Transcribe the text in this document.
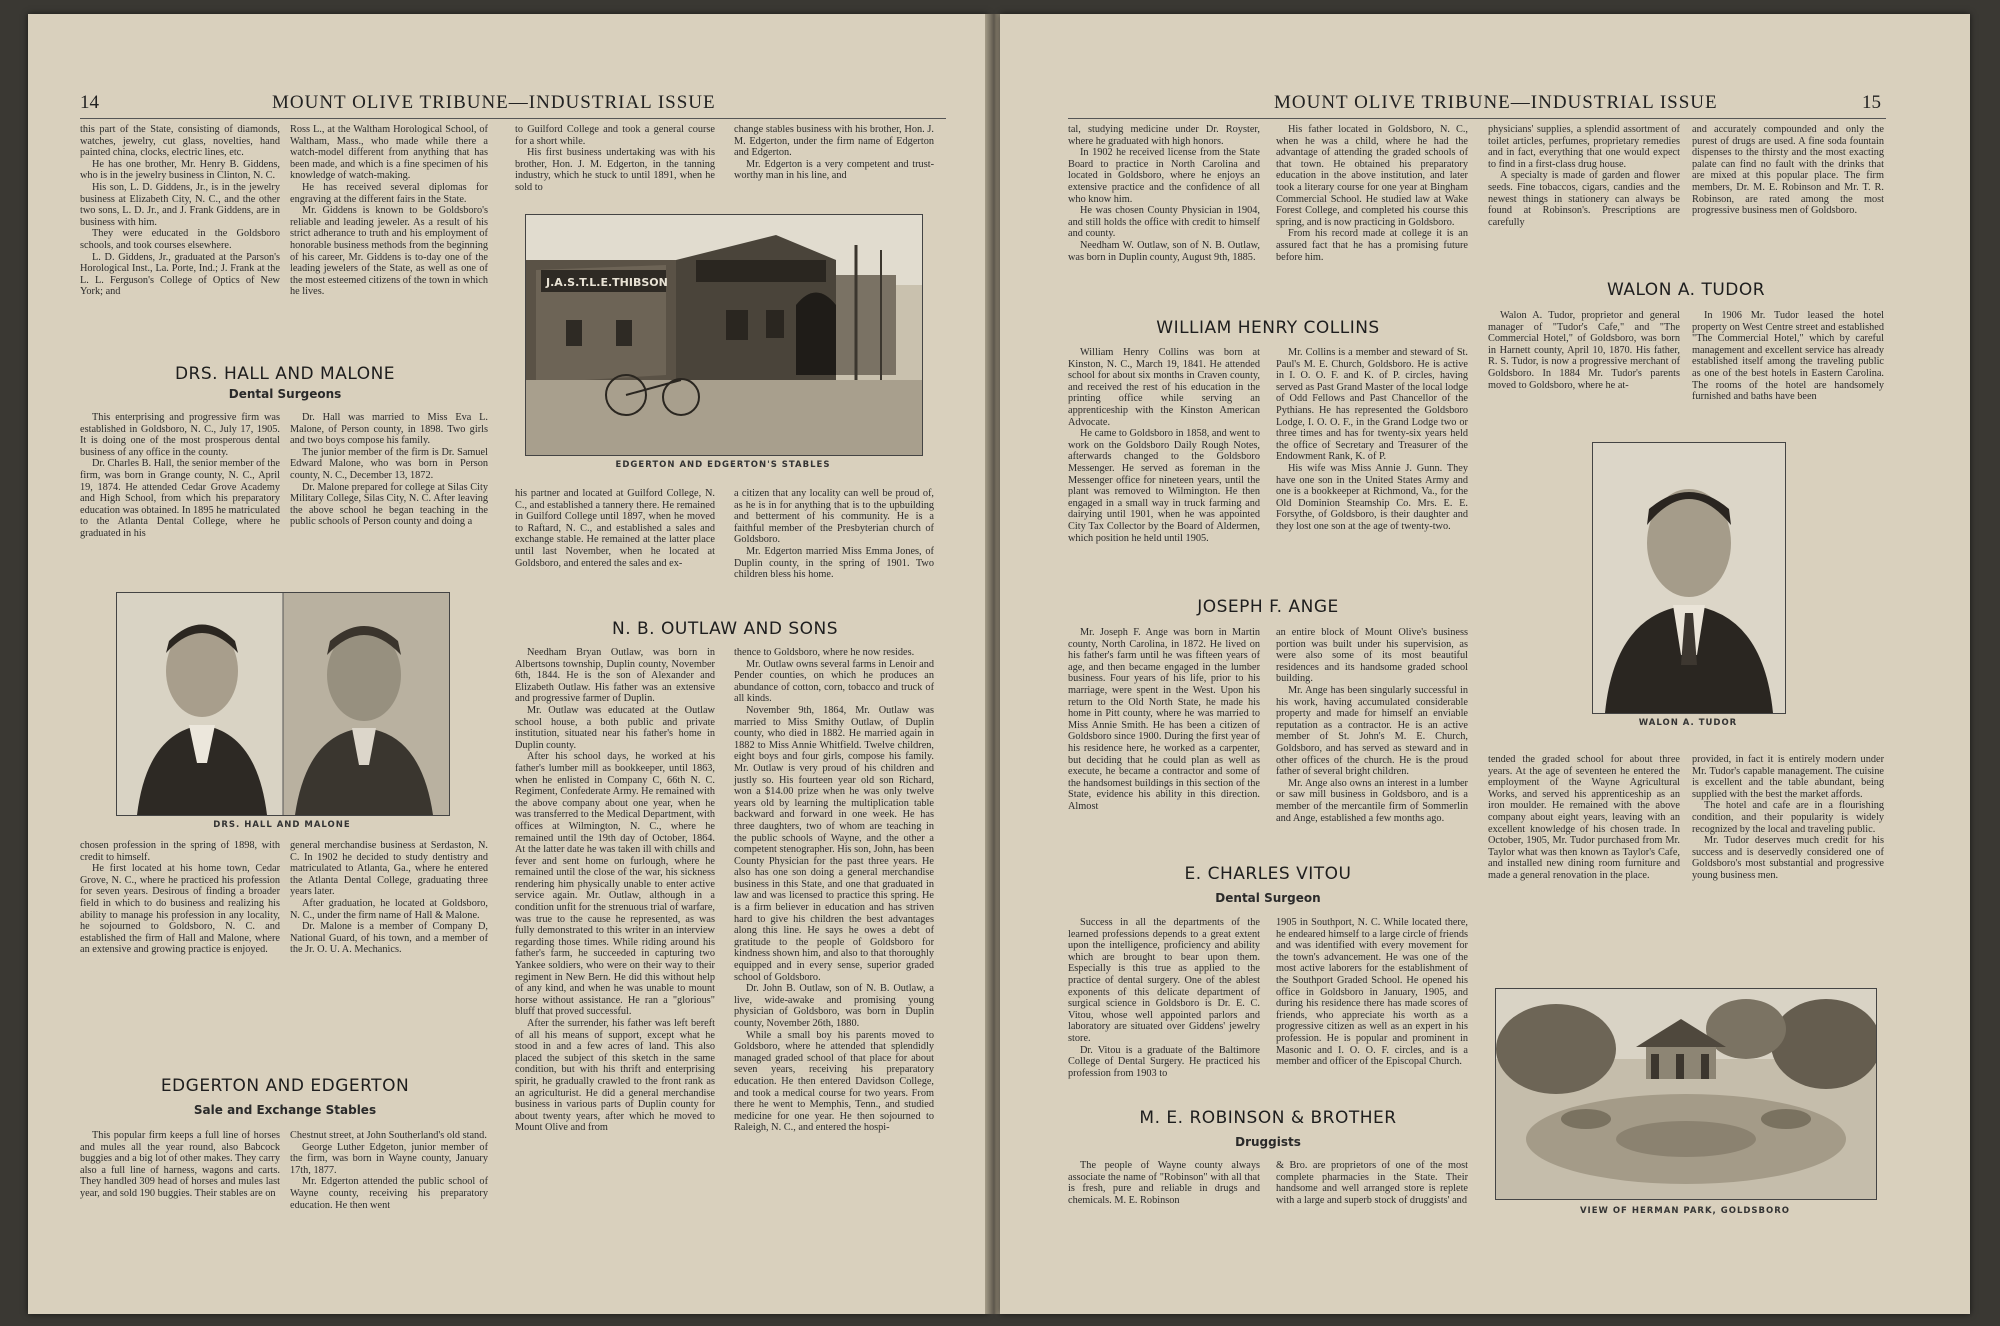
14	MOUNT OLIVE TRIBUNE—INDUSTRIAL ISSUE

this part of the State, consisting of diamonds, watches, jewelry, cut glass, novelties, hand painted china, clocks, electric lines, etc.

He has one brother, Mr. Henry B. Giddens, who is in the jewelry business in Clinton, N. C.

His son, L. D. Giddens, Jr., is in the jewelry business at Elizabeth City, N. C., and the other two sons, L. D. Jr., and J. Frank Giddens, are in business with him.

They were educated in the Goldsboro schools, and took courses elsewhere.

L. D. Giddens, Jr., graduated at the Parson's Horological Inst., La. Porte, Ind.; J. Frank at the L. L. Ferguson's College of Optics of New York; and

Ross L., at the Waltham Horological School, of Waltham, Mass., who made while there a watch-model different from anything that has been made, and which is a fine specimen of his knowledge of watch-making.

He has received several diplomas for engraving at the different fairs in the State.

Mr. Giddens is known to be Goldsboro's reliable and leading jeweler. As a result of his strict adherance to truth and his employment of honorable business methods from the beginning of his career, Mr. Giddens is to-day one of the leading jewelers of the State, as well as one of the most esteemed citizens of the town in which he lives.

to Guilford College and took a general course for a short while.

His first business undertaking was with his brother, Hon. J. M. Edgerton, in the tanning industry, which he stuck to until 1891, when he sold to

change stables business with his brother, Hon. J. M. Edgerton, under the firm name of Edgerton and Edgerton.

Mr. Edgerton is a very competent and trust-worthy man in his line, and

J.A.S.T.L.E.THIBSON
EDGERTON AND EDGERTON'S STABLES
DRS. HALL AND MALONE
Dental Surgeons

This enterprising and progressive firm was established in Goldsboro, N. C., July 17, 1905. It is doing one of the most prosperous dental business of any office in the county.

Dr. Charles B. Hall, the senior member of the firm, was born in Grange county, N. C., April 19, 1874. He attended Cedar Grove Academy and High School, from which his preparatory education was obtained. In 1895 he matriculated to the Atlanta Dental College, where he graduated in his

Dr. Hall was married to Miss Eva L. Malone, of Person county, in 1898. Two girls and two boys compose his family.

The junior member of the firm is Dr. Samuel Edward Malone, who was born in Person county, N. C., December 13, 1872.

Dr. Malone prepared for college at Silas City Military College, Silas City, N. C. After leaving the above school he began teaching in the public schools of Person county and doing a

his partner and located at Guilford College, N. C., and established a tannery there. He remained in Guilford College until 1897, when he moved to Raftard, N. C., and established a sales and exchange stable. He remained at the latter place until last November, when he located at Goldsboro, and entered the sales and ex-

a citizen that any locality can well be proud of, as he is in for anything that is to the upbuilding and betterment of his community. He is a faithful member of the Presbyterian church of Goldsboro.

Mr. Edgerton married Miss Emma Jones, of Duplin county, in the spring of 1901. Two children bless his home.

DRS. HALL AND MALONE

chosen profession in the spring of 1898, with credit to himself.

He first located at his home town, Cedar Grove, N. C., where he practiced his profession for seven years. Desirous of finding a broader field in which to do business and realizing his ability to manage his profession in any locality, he sojourned to Goldsboro, N. C. and established the firm of Hall and Malone, where an extensive and growing practice is enjoyed.

general merchandise business at Serdaston, N. C. In 1902 he decided to study dentistry and matriculated to Atlanta, Ga., where he entered the Atlanta Dental College, graduating three years later.

After graduation, he located at Goldsboro, N. C., under the firm name of Hall & Malone.

Dr. Malone is a member of Company D, National Guard, of his town, and a member of the Jr. O. U. A. Mechanics.

N. B. OUTLAW AND SONS

Needham Bryan Outlaw, was born in Albertsons township, Duplin county, November 6th, 1844. He is the son of Alexander and Elizabeth Outlaw. His father was an extensive and progressive farmer of Duplin.

Mr. Outlaw was educated at the Outlaw school house, a both public and private institution, situated near his father's home in Duplin county.

After his school days, he worked at his father's lumber mill as bookkeeper, until 1863, when he enlisted in Company C, 66th N. C. Regiment, Confederate Army. He remained with the above company about one year, when he was transferred to the Medical Department, with offices at Wilmington, N. C., where he remained until the 19th day of October, 1864. At the latter date he was taken ill with chills and fever and sent home on furlough, where he remained until the close of the war, his sickness rendering him physically unable to enter active service again. Mr. Outlaw, although in a condition unfit for the strenuous trial of warfare, was true to the cause he represented, as was fully demonstrated to this writer in an interview regarding those times. While riding around his father's farm, he succeeded in capturing two Yankee soldiers, who were on their way to their regiment in New Bern. He did this without help of any kind, and when he was unable to mount horse without assistance. He ran a "glorious" bluff that proved successful.

After the surrender, his father was left bereft of all his means of support, except what he stood in and a few acres of land. This also placed the subject of this sketch in the same condition, but with his thrift and enterprising spirit, he gradually crawled to the front rank as an agriculturist. He did a general merchandise business in various parts of Duplin county for about twenty years, after which he moved to Mount Olive and from

thence to Goldsboro, where he now resides.

Mr. Outlaw owns several farms in Lenoir and Pender counties, on which he produces an abundance of cotton, corn, tobacco and truck of all kinds.

November 9th, 1864, Mr. Outlaw was married to Miss Smithy Outlaw, of Duplin county, who died in 1882. He married again in 1882 to Miss Annie Whitfield. Twelve children, eight boys and four girls, compose his family. Mr. Outlaw is very proud of his children and justly so. His fourteen year old son Richard, won a $14.00 prize when he was only twelve years old by learning the multiplication table backward and forward in one week. He has three daughters, two of whom are teaching in the public schools of Wayne, and the other a competent stenographer. His son, John, has been County Physician for the past three years. He also has one son doing a general merchandise business in this State, and one that graduated in law and was licensed to practice this spring. He is a firm believer in education and has striven hard to give his children the best advantages along this line. He says he owes a debt of gratitude to the people of Goldsboro for kindness shown him, and also to that thoroughly equipped and in every sense, superior graded school of Goldsboro.

Dr. John B. Outlaw, son of N. B. Outlaw, a live, wide-awake and promising young physician of Goldsboro, was born in Duplin county, November 26th, 1880.

While a small boy his parents moved to Goldsboro, where he attended that splendidly managed graded school of that place for about seven years, receiving his preparatory education. He then entered Davidson College, and took a medical course for two years. From there he went to Memphis, Tenn., and studied medicine for one year. He then sojourned to Raleigh, N. C., and entered the hospi-

EDGERTON AND EDGERTON
Sale and Exchange Stables

This popular firm keeps a full line of horses and mules all the year round, also Babcock buggies and a big lot of other makes. They carry also a full line of harness, wagons and carts. They handled 309 head of horses and mules last year, and sold 190 buggies. Their stables are on

Chestnut street, at John Southerland's old stand.

George Luther Edgeton, junior member of the firm, was born in Wayne county, January 17th, 1877.

Mr. Edgerton attended the public school of Wayne county, receiving his preparatory education. He then went

MOUNT OLIVE TRIBUNE—INDUSTRIAL ISSUE	15

tal, studying medicine under Dr. Royster, where he graduated with high honors.

In 1902 he received license from the State Board to practice in North Carolina and located in Goldsboro, where he enjoys an extensive practice and the confidence of all who know him.

He was chosen County Physician in 1904, and still holds the office with credit to himself and county.

Needham W. Outlaw, son of N. B. Outlaw, was born in Duplin county, August 9th, 1885.

His father located in Goldsboro, N. C., when he was a child, where he had the advantage of attending the graded schools of that town. He obtained his preparatory education in the above institution, and later took a literary course for one year at Bingham Commercial School. He studied law at Wake Forest College, and completed his course this spring, and is now practicing in Goldsboro.

From his record made at college it is an assured fact that he has a promising future before him.

physicians' supplies, a splendid assortment of toilet articles, perfumes, proprietary remedies and in fact, everything that one would expect to find in a first-class drug house.

A specialty is made of garden and flower seeds. Fine tobaccos, cigars, candies and the newest things in stationery can always be found at Robinson's. Prescriptions are carefully

and accurately compounded and only the purest of drugs are used. A fine soda fountain dispenses to the thirsty and the most exacting palate can find no fault with the drinks that are mixed at this popular place. The firm members, Dr. M. E. Robinson and Mr. T. R. Robinson, are rated among the most progressive business men of Goldsboro.

WILLIAM HENRY COLLINS

William Henry Collins was born at Kinston, N. C., March 19, 1841. He attended school for about six months in Craven county, and received the rest of his education in the printing office while serving an apprenticeship with the Kinston American Advocate.

He came to Goldsboro in 1858, and went to work on the Goldsboro Daily Rough Notes, afterwards changed to the Goldsboro Messenger. He served as foreman in the Messenger office for nineteen years, until the plant was removed to Wilmington. He then engaged in a small way in truck farming and dairying until 1901, when he was appointed City Tax Collector by the Board of Aldermen, which position he held until 1905.

Mr. Collins is a member and steward of St. Paul's M. E. Church, Goldsboro. He is active in I. O. O. F. and K. of P. circles, having served as Past Grand Master of the local lodge of Odd Fellows and Past Chancellor of the Pythians. He has represented the Goldsboro Lodge, I. O. O. F., in the Grand Lodge two or three times and has for twenty-six years held the office of Secretary and Treasurer of the Endowment Rank, K. of P.

His wife was Miss Annie J. Gunn. They have one son in the United States Army and one is a bookkeeper at Richmond, Va., for the Old Dominion Steamship Co. Mrs. E. E. Forsythe, of Goldsboro, is their daughter and they lost one son at the age of twenty-two.

WALON A. TUDOR

Walon A. Tudor, proprietor and general manager of "Tudor's Cafe," and "The Commercial Hotel," of Goldsboro, was born in Harnett county, April 10, 1870. His father, R. S. Tudor, is now a progressive merchant of Goldsboro. In 1884 Mr. Tudor's parents moved to Goldsboro, where he at-

In 1906 Mr. Tudor leased the hotel property on West Centre street and established "The Commercial Hotel," which by careful management and excellent service has already established itself among the traveling public as one of the best hotels in Eastern Carolina. The rooms of the hotel are handsomely furnished and baths have been

WALON A. TUDOR
JOSEPH F. ANGE

Mr. Joseph F. Ange was born in Martin county, North Carolina, in 1872. He lived on his father's farm until he was fifteen years of age, and then became engaged in the lumber business. Four years of his life, prior to his marriage, were spent in the West. Upon his return to the Old North State, he made his home in Pitt county, where he was married to Miss Annie Smith. He has been a citizen of Goldsboro since 1900. During the first year of his residence here, he worked as a carpenter, but deciding that he could plan as well as execute, he became a contractor and some of the handsomest buildings in this section of the State, evidence his ability in this direction. Almost

an entire block of Mount Olive's business portion was built under his supervision, as were also some of its most beautiful residences and its handsome graded school building.

Mr. Ange has been singularly successful in his work, having accumulated considerable property and made for himself an enviable reputation as a contractor. He is an active member of St. John's M. E. Church, Goldsboro, and has served as steward and in other offices of the church. He is the proud father of several bright children.

Mr. Ange also owns an interest in a lumber or saw mill business in Goldsboro, and is a member of the mercantile firm of Sommerlin and Ange, established a few months ago.

tended the graded school for about three years. At the age of seventeen he entered the employment of the Wayne Agricultural Works, and served his apprenticeship as an iron moulder. He remained with the above company about eight years, leaving with an excellent knowledge of his chosen trade. In October, 1905, Mr. Tudor purchased from Mr. Taylor what was then known as Taylor's Cafe, and installed new dining room furniture and made a general renovation in the place.

provided, in fact it is entirely modern under Mr. Tudor's capable management. The cuisine is excellent and the table abundant, being supplied with the best the market affords.

The hotel and cafe are in a flourishing condition, and their popularity is widely recognized by the local and traveling public.

Mr. Tudor deserves much credit for his success and is deservedly considered one of Goldsboro's most substantial and progressive young business men.

E. CHARLES VITOU
Dental Surgeon

Success in all the departments of the learned professions depends to a great extent upon the intelligence, proficiency and ability which are brought to bear upon them. Especially is this true as applied to the practice of dental surgery. One of the ablest exponents of this delicate department of surgical science in Goldsboro is Dr. E. C. Vitou, whose well appointed parlors and laboratory are situated over Giddens' jewelry store.

Dr. Vitou is a graduate of the Baltimore College of Dental Surgery. He practiced his profession from 1903 to

1905 in Southport, N. C. While located there, he endeared himself to a large circle of friends and was identified with every movement for the town's advancement. He was one of the most active laborers for the establishment of the Southport Graded School. He opened his office in Goldsboro in January, 1905, and during his residence there has made scores of friends, who appreciate his worth as a progressive citizen as well as an expert in his profession. He is popular and prominent in Masonic and I. O. O. F. circles, and is a member and officer of the Episcopal Church.

M. E. ROBINSON & BROTHER
Druggists

The people of Wayne county always associate the name of "Robinson" with all that is fresh, pure and reliable in drugs and chemicals. M. E. Robinson

& Bro. are proprietors of one of the most complete pharmacies in the State. Their handsome and well arranged store is replete with a large and superb stock of druggists' and

VIEW OF HERMAN PARK, GOLDSBORO
